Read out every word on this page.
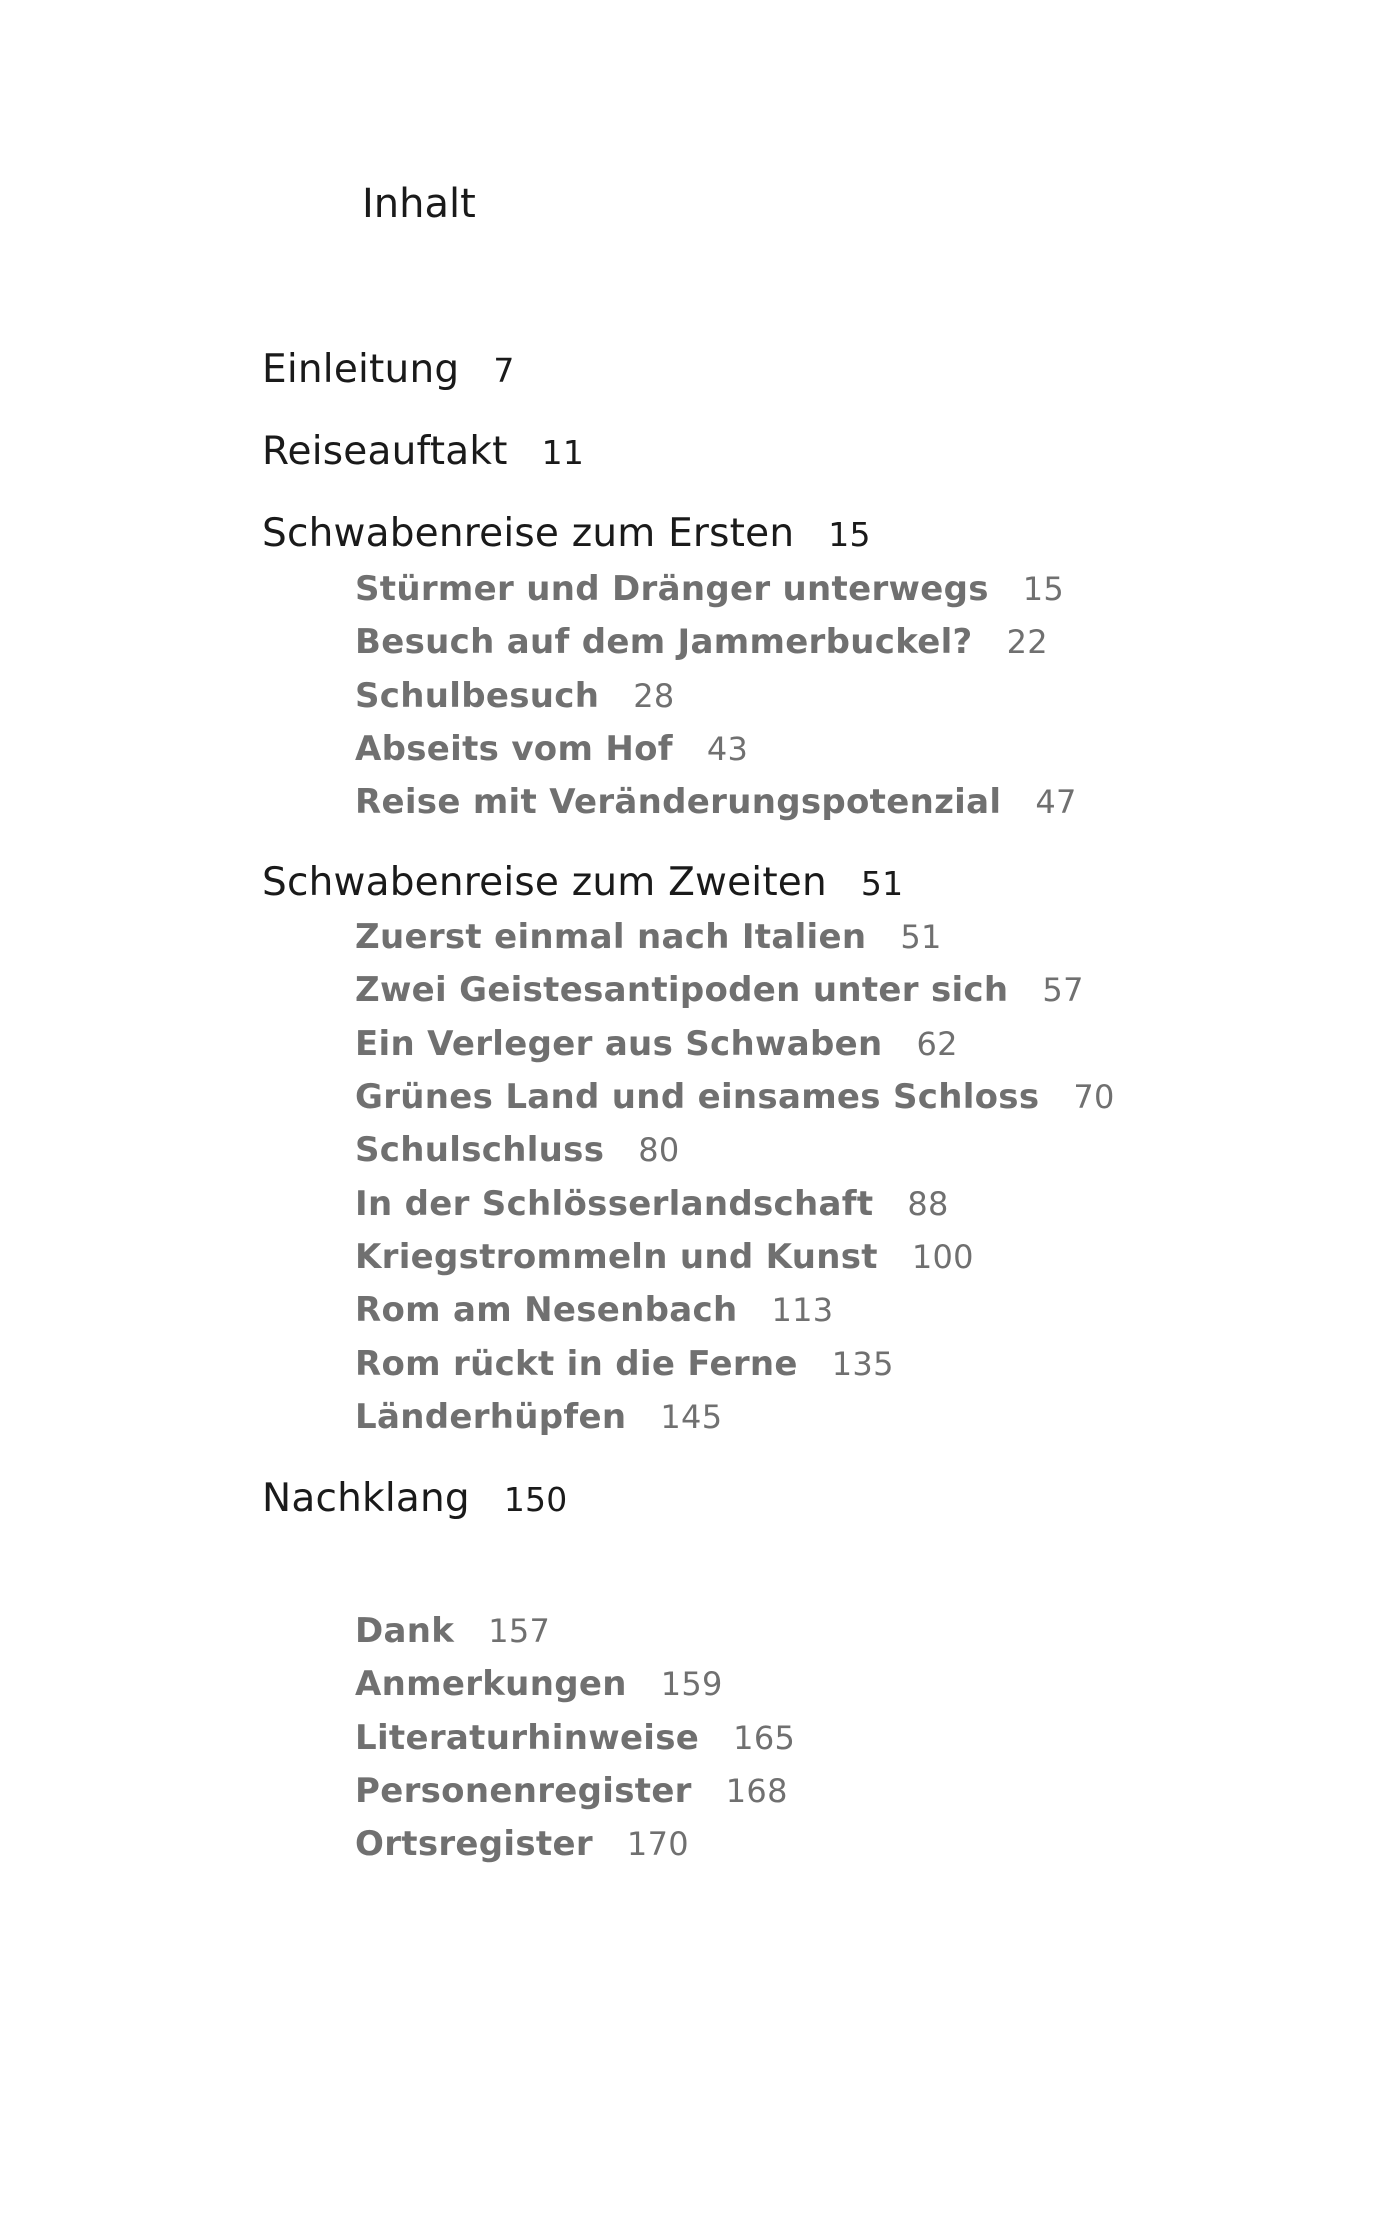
Inhalt
Einleitung 7
Reiseauftakt 11
Schwabenreise zum Ersten 15
Stürmer und Dränger unterwegs 15
Besuch auf dem Jammerbuckel? 22
Schulbesuch 28
Abseits vom Hof 43
Reise mit Veränderungspotenzial 47
Schwabenreise zum Zweiten 51
Zuerst einmal nach Italien 51
Zwei Geistesantipoden unter sich 57
Ein Verleger aus Schwaben 62
Grünes Land und einsames Schloss 70
Schulschluss 80
In der Schlösserlandschaft 88
Kriegstrommeln und Kunst 100
Rom am Nesenbach 113
Rom rückt in die Ferne 135
Länderhüpfen 145
Nachklang 150
Dank 157
Anmerkungen 159
Literaturhinweise 165
Personenregister 168
Ortsregister 170
